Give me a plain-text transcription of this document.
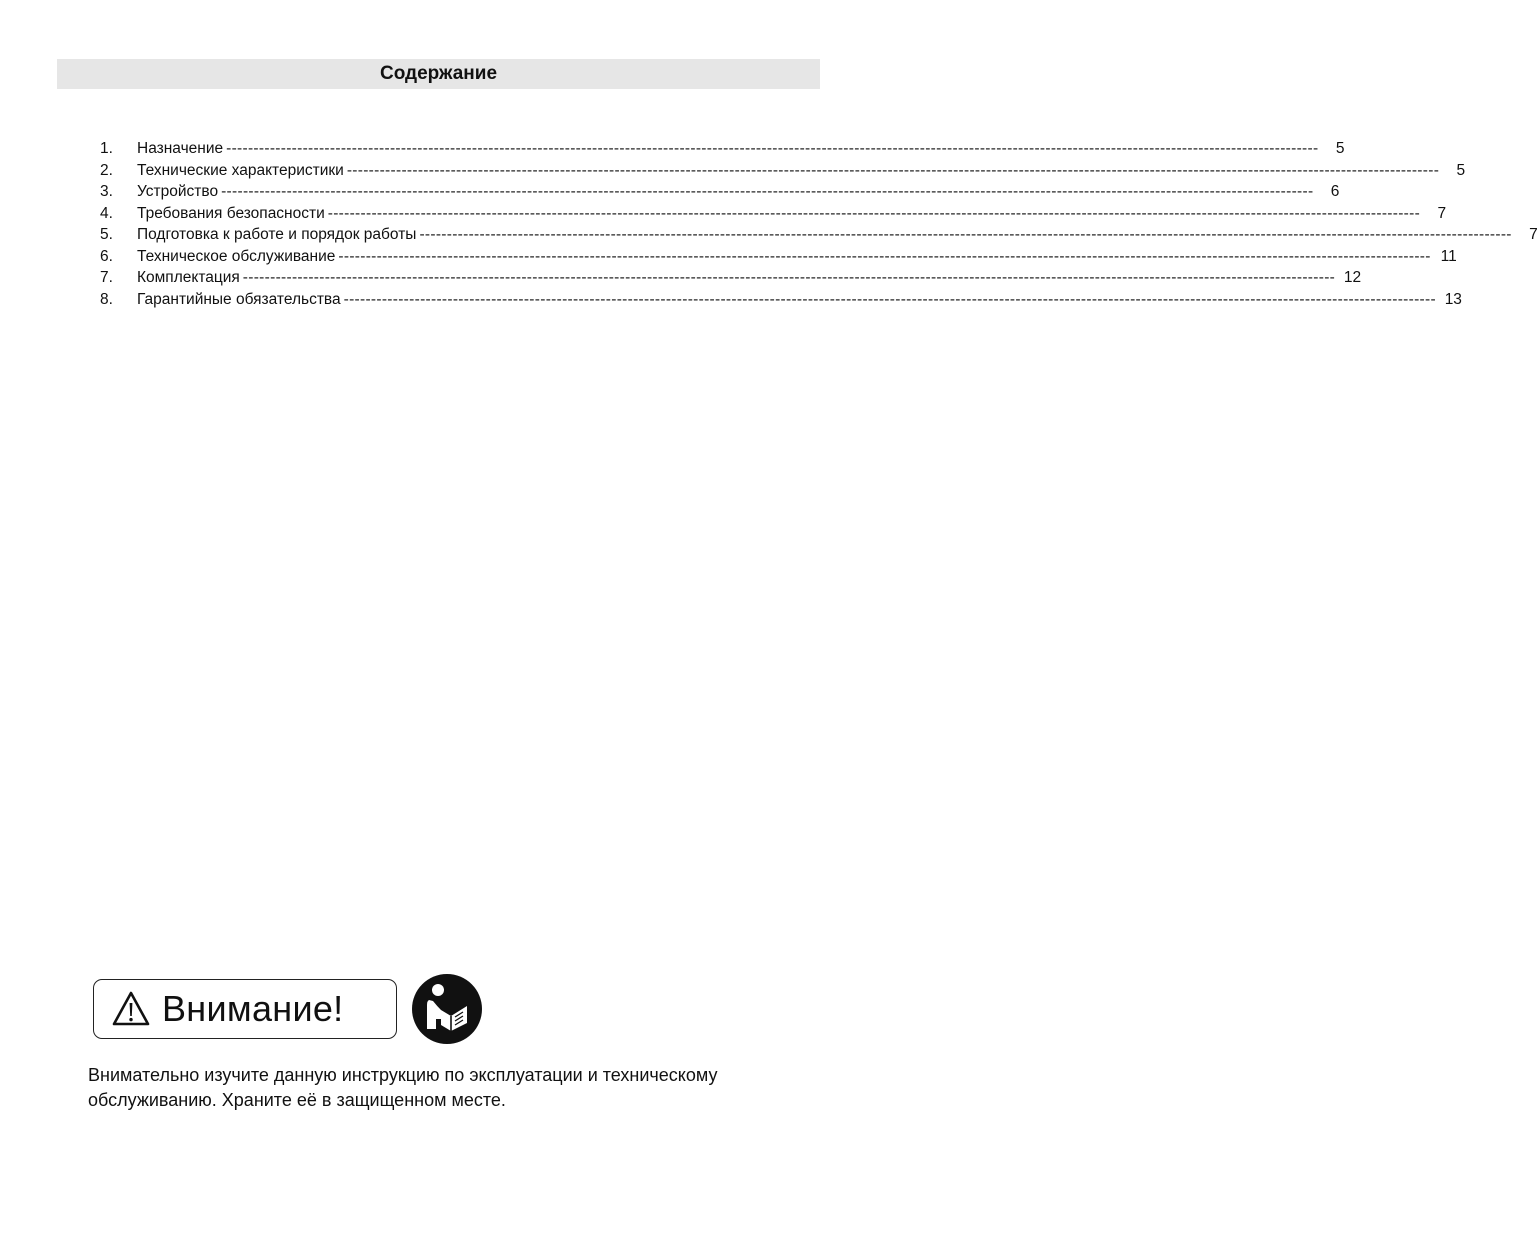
Содержание
1.	Назначение --------------------------------------------------------------------------------------------------------------------------------------------------------------------------------------------------------	5
2.	Технические характеристики --------------------------------------------------------------------------------------------------------------------------------------------------------------------------------------------------------	5
3.	Устройство --------------------------------------------------------------------------------------------------------------------------------------------------------------------------------------------------------	6
4.	Требования безопасности --------------------------------------------------------------------------------------------------------------------------------------------------------------------------------------------------------	7
5.	Подготовка к работе и порядок работы --------------------------------------------------------------------------------------------------------------------------------------------------------------------------------------------------------	7
6.	Техническое обслуживание -------------------------------------------------------------------------------------------------------------------------------------------------------------------------------------------------------- 11
7.	Комплектация -------------------------------------------------------------------------------------------------------------------------------------------------------------------------------------------------------- 12
8.	Гарантийные обязательства -------------------------------------------------------------------------------------------------------------------------------------------------------------------------------------------------------- 13
Внимание!

Внимательно изучите данную инструкцию по эксплуатации и техническому обслуживанию. Храните её в защищенном месте.
